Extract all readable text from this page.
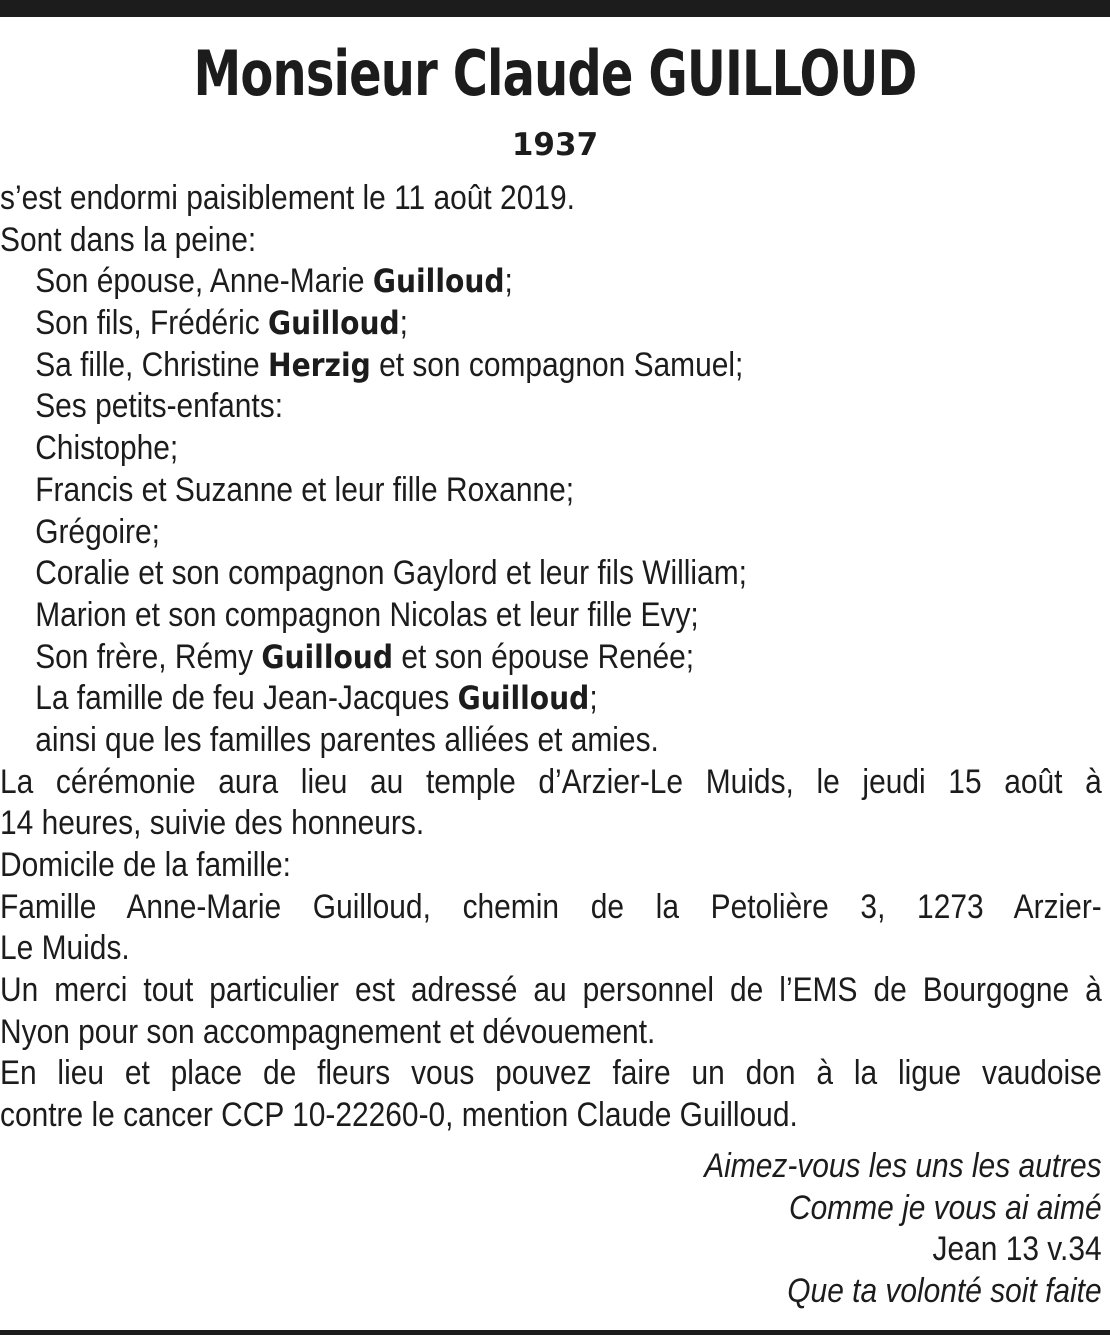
Monsieur Claude GUILLOUD
1937
s’est endormi paisiblement le 11 août 2019.
Sont dans la peine:
Son épouse, Anne-Marie Guilloud;
Son fils, Frédéric Guilloud;
Sa fille, Christine Herzig et son compagnon Samuel;
Ses petits-enfants:
Chistophe;
Francis et Suzanne et leur fille Roxanne;
Grégoire;
Coralie et son compagnon Gaylord et leur fils William;
Marion et son compagnon Nicolas et leur fille Evy;
Son frère, Rémy Guilloud et son épouse Renée;
La famille de feu Jean-Jacques Guilloud;
ainsi que les familles parentes alliées et amies.
La cérémonie aura lieu au temple d’Arzier-Le Muids, le jeudi 15 août à
14 heures, suivie des honneurs.
Domicile de la famille:
Famille Anne-Marie Guilloud, chemin de la Petolière 3, 1273 Arzier-
Le Muids.
Un merci tout particulier est adressé au personnel de l’EMS de Bourgogne à
Nyon pour son accompagnement et dévouement.
En lieu et place de fleurs vous pouvez faire un don à la ligue vaudoise
contre le cancer CCP 10-22260-0, mention Claude Guilloud.
Aimez-vous les uns les autres
Comme je vous ai aimé
Jean 13 v.34
Que ta volonté soit faite
